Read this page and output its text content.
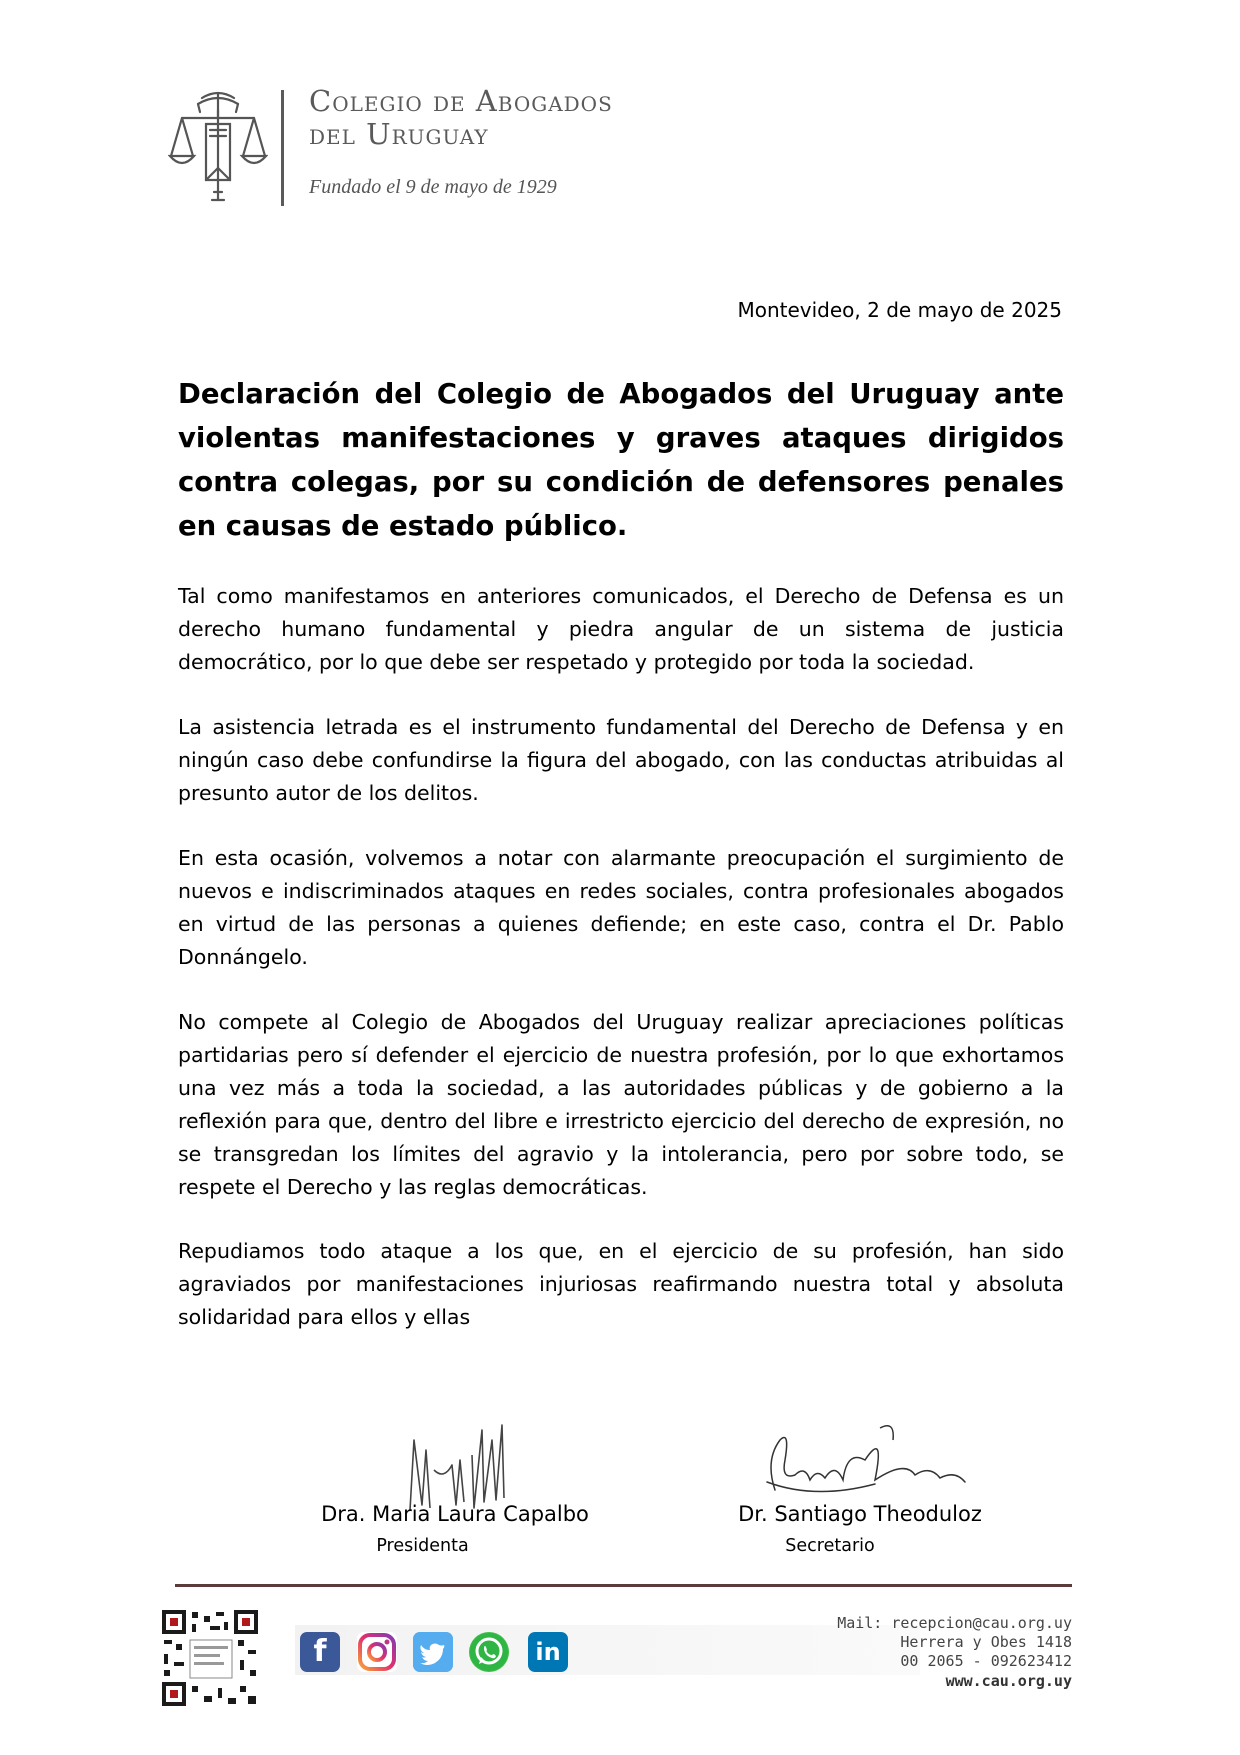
Colegio de Abogados
del Uruguay
Fundado el 9 de mayo de 1929
Montevideo, 2 de mayo de 2025

Declaración del Colegio de Abogados del Uruguay ante violentas manifestaciones y graves ataques dirigidos contra colegas, por su condición de defensores penales en causas de estado público.

Tal como manifestamos en anteriores comunicados, el Derecho de Defensa es un derecho humano fundamental y piedra angular de un sistema de justicia democrático, por lo que debe ser respetado y protegido por toda la sociedad.

La asistencia letrada es el instrumento fundamental del Derecho de Defensa y en ningún caso debe confundirse la figura del abogado, con las conductas atribuidas al presunto autor de los delitos.

En esta ocasión, volvemos a notar con alarmante preocupación el surgimiento de nuevos e indiscriminados ataques en redes sociales, contra profesionales abogados en virtud de las personas a quienes defiende; en este caso, contra el Dr. Pablo Donnángelo.

No compete al Colegio de Abogados del Uruguay realizar apreciaciones políticas partidarias pero sí defender el ejercicio de nuestra profesión, por lo que exhortamos una vez más a toda la sociedad, a las autoridades públicas y de gobierno a la reflexión para que, dentro del libre e irrestricto ejercicio del derecho de expresión, no se transgredan los límites del agravio y la intolerancia, pero por sobre todo, se respete el Derecho y las reglas democráticas.

Repudiamos todo ataque a los que, en el ejercicio de su profesión, han sido agraviados por manifestaciones injuriosas reafirmando nuestra total y absoluta solidaridad para ellos y ellas

Dra. Maria Laura Capalbo
Presidenta
Dr. Santiago Theoduloz
Secretario
f	in
Mail: recepcion@cau.org.uy
Herrera y Obes 1418
00 2065 - 092623412
www.cau.org.uy
